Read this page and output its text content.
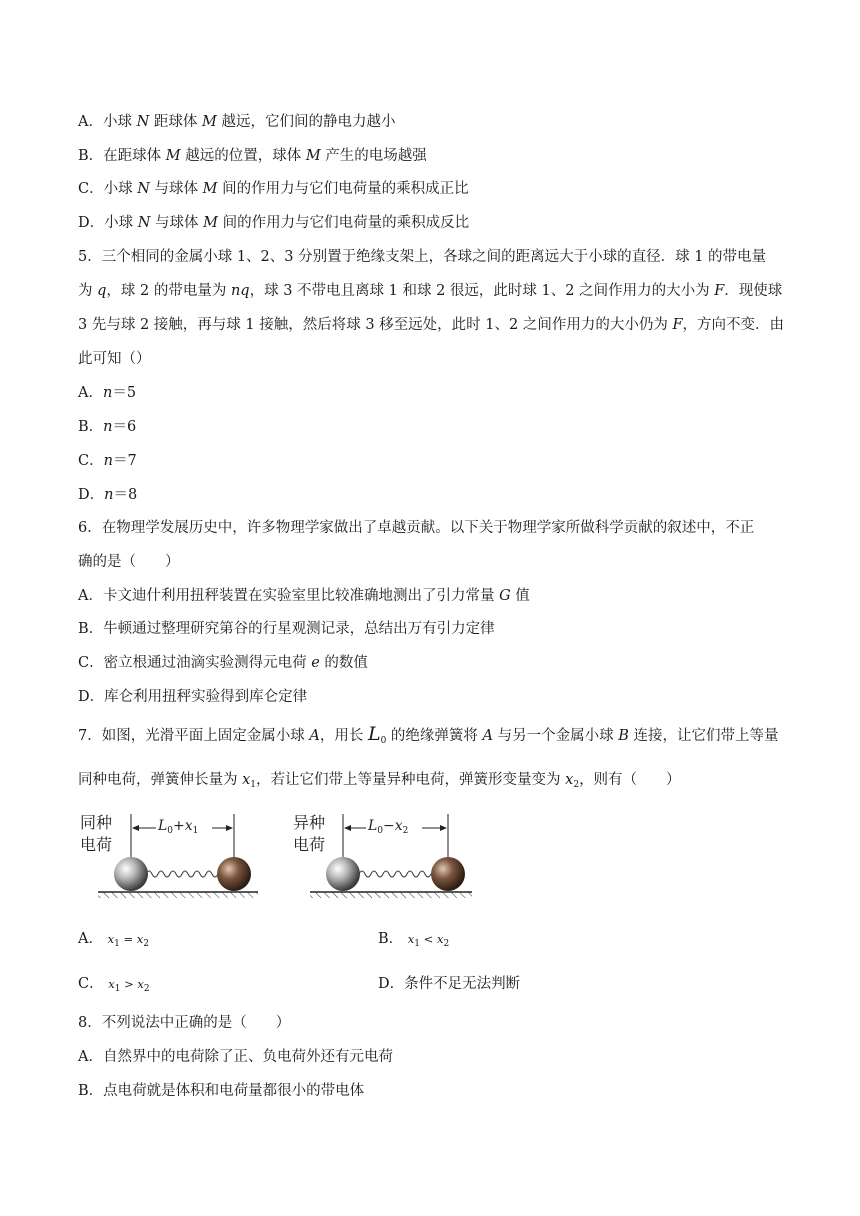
A．小球 N 距球体 M 越远，它们间的静电力越小
B．在距球体 M 越远的位置，球体 M 产生的电场越强
C．小球 N 与球体 M 间的作用力与它们电荷量的乘积成正比
D．小球 N 与球体 M 间的作用力与它们电荷量的乘积成反比
5．三个相同的金属小球 1、2、3 分别置于绝缘支架上，各球之间的距离远大于小球的直径．球 1 的带电量
为 q，球 2 的带电量为 nq，球 3 不带电且离球 1 和球 2 很远，此时球 1、2 之间作用力的大小为 F．现使球
3 先与球 2 接触，再与球 1 接触，然后将球 3 移至远处，此时 1、2 之间作用力的大小仍为 F，方向不变．由
此可知（）
A．n＝5
B．n＝6
C．n＝7
D．n＝8
6．在物理学发展历史中，许多物理学家做出了卓越贡献。以下关于物理学家所做科学贡献的叙述中，不正
确的是（　　）
A．卡文迪什利用扭秤装置在实验室里比较准确地测出了引力常量 G 值
B．牛顿通过整理研究第谷的行星观测记录，总结出万有引力定律
C．密立根通过油滴实验测得元电荷 e 的数值
D．库仑利用扭秤实验得到库仑定律
7．如图，光滑平面上固定金属小球 A，用长 $L_0$ 的绝缘弹簧将 A 与另一个金属小球 B 连接，让它们带上等量
同种电荷，弹簧伸长量为 $x_1$，若让它们带上等量异种电荷，弹簧形变量变为 $x_2$，则有（　　）
同种
电荷
$L_0+x_1$	异种
电荷
$L_0-x_2$
A． $x_1 = x_2$	B． $x_1 < x_2$
C． $x_1 > x_2$	D．条件不足无法判断
8．不列说法中正确的是（　　）
A．自然界中的电荷除了正、负电荷外还有元电荷
B．点电荷就是体积和电荷量都很小的带电体
